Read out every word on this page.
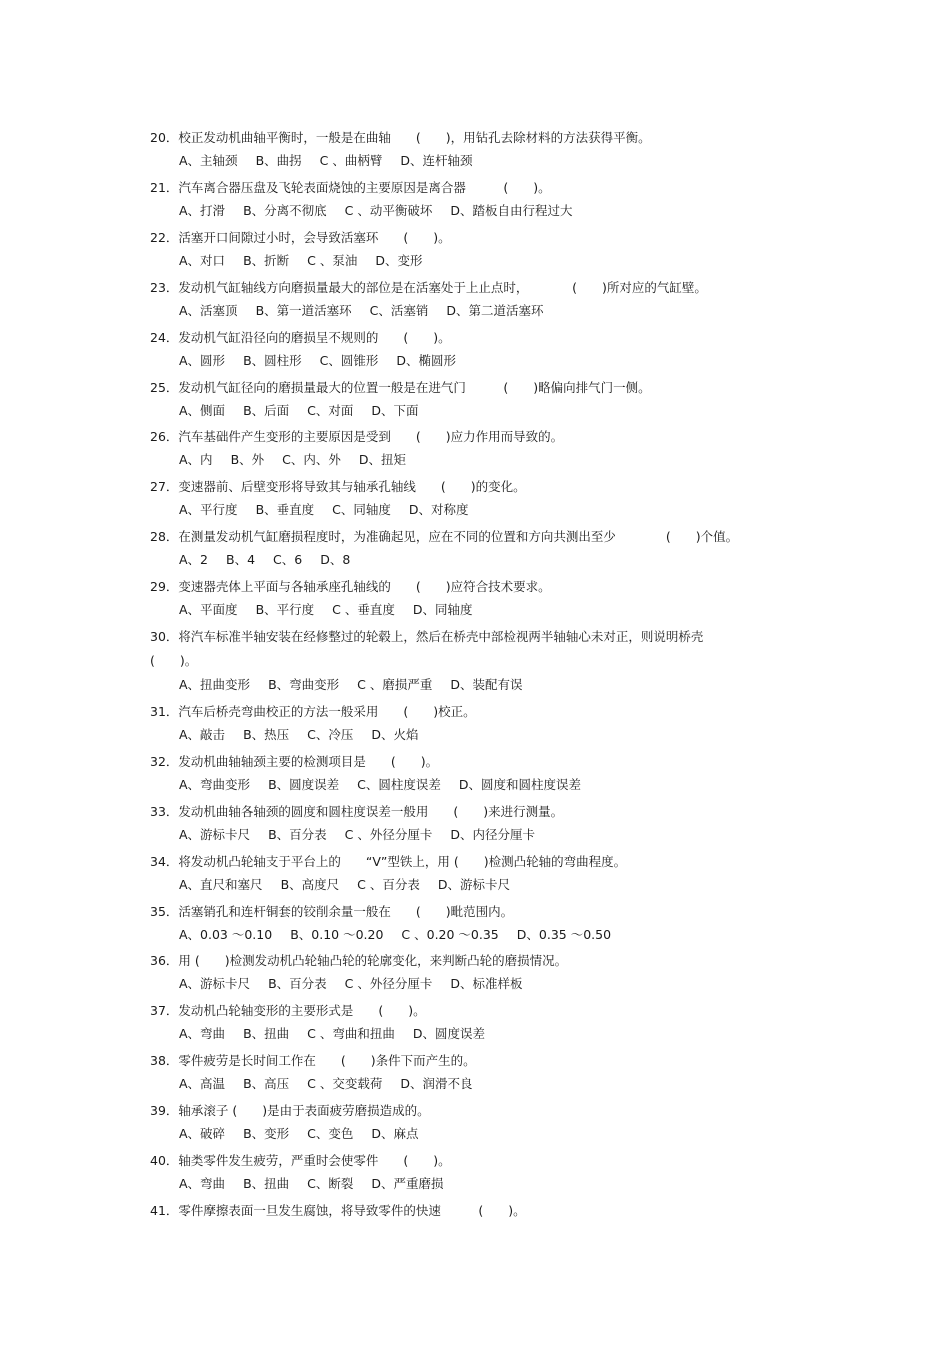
20．校正发动机曲轴平衡时，一般是在曲轴　　(　　)，用钻孔去除材料的方法获得平衡。
A、主轴颈 B、曲拐 C 、曲柄臂 D、连杆轴颈
21．汽车离合器压盘及飞轮表面烧蚀的主要原因是离合器　　　(　　)。
A、打滑 B、分离不彻底 C 、动平衡破坏 D、踏板自由行程过大
22．活塞开口间隙过小时，会导致活塞环　　(　　)。
A、对口 B、折断 C 、泵油 D、变形
23．发动机气缸轴线方向磨损量最大的部位是在活塞处于上止点时，　　　　(　　)所对应的气缸壁。
A、活塞顶 B、第一道活塞环 C、活塞销 D、第二道活塞环
24．发动机气缸沿径向的磨损呈不规则的　　(　　)。
A、圆形 B、圆柱形 C、圆锥形 D、椭圆形
25．发动机气缸径向的磨损量最大的位置一般是在进气门　　　(　　)略偏向排气门一侧。
A、侧面 B、后面 C、对面 D、下面
26．汽车基础件产生变形的主要原因是受到　　(　　)应力作用而导致的。
A、内 B、外 C、内、外 D、扭矩
27．变速器前、后壁变形将导致其与轴承孔轴线　　(　　)的变化。
A、平行度 B、垂直度 C、同轴度 D、对称度
28．在测量发动机气缸磨损程度时，为准确起见，应在不同的位置和方向共测出至少　　　　(　　)个值。
A、2 B、4 C、6 D、8
29．变速器壳体上平面与各轴承座孔轴线的　　(　　)应符合技术要求。
A、平面度 B、平行度 C 、垂直度 D、同轴度
30．将汽车标准半轴安装在经修整过的轮毂上，然后在桥壳中部检视两半轴轴心未对正，则说明桥壳
(　　)。
A、扭曲变形 B、弯曲变形 C 、磨损严重 D、装配有误
31．汽车后桥壳弯曲校正的方法一般采用　　(　　)校正。
A、敲击 B、热压 C、冷压 D、火焰
32．发动机曲轴轴颈主要的检测项目是　　(　　)。
A、弯曲变形 B、圆度误差 C、圆柱度误差 D、圆度和圆柱度误差
33．发动机曲轴各轴颈的圆度和圆柱度误差一般用　　(　　)来进行测量。
A、游标卡尺 B、百分表 C 、外径分厘卡 D、内径分厘卡
34．将发动机凸轮轴支于平台上的　　“V”型铁上，用 (　　)检测凸轮轴的弯曲程度。
A、直尺和塞尺 B、高度尺 C 、百分表 D、游标卡尺
35．活塞销孔和连杆铜套的铰削余量一般在　　(　　)毗范围内。
A、0.03 ～0.10 B、0.10 ～0.20 C 、0.20 ～0.35 D、0.35 ～0.50
36．用 (　　)检测发动机凸轮轴凸轮的轮廓变化，来判断凸轮的磨损情况。
A、游标卡尺 B、百分表 C 、外径分厘卡 D、标准样板
37．发动机凸轮轴变形的主要形式是　　(　　)。
A、弯曲 B、扭曲 C 、弯曲和扭曲 D、圆度误差
38．零件疲劳是长时间工作在　　(　　)条件下而产生的。
A、高温 B、高压 C 、交变载荷 D、润滑不良
39．轴承滚子 (　　)是由于表面疲劳磨损造成的。
A、破碎 B、变形 C、变色 D、麻点
40．轴类零件发生疲劳，严重时会使零件　　(　　)。
A、弯曲 B、扭曲 C、断裂 D、严重磨损
41．零件摩擦表面一旦发生腐蚀，将导致零件的快速　　　(　　)。
